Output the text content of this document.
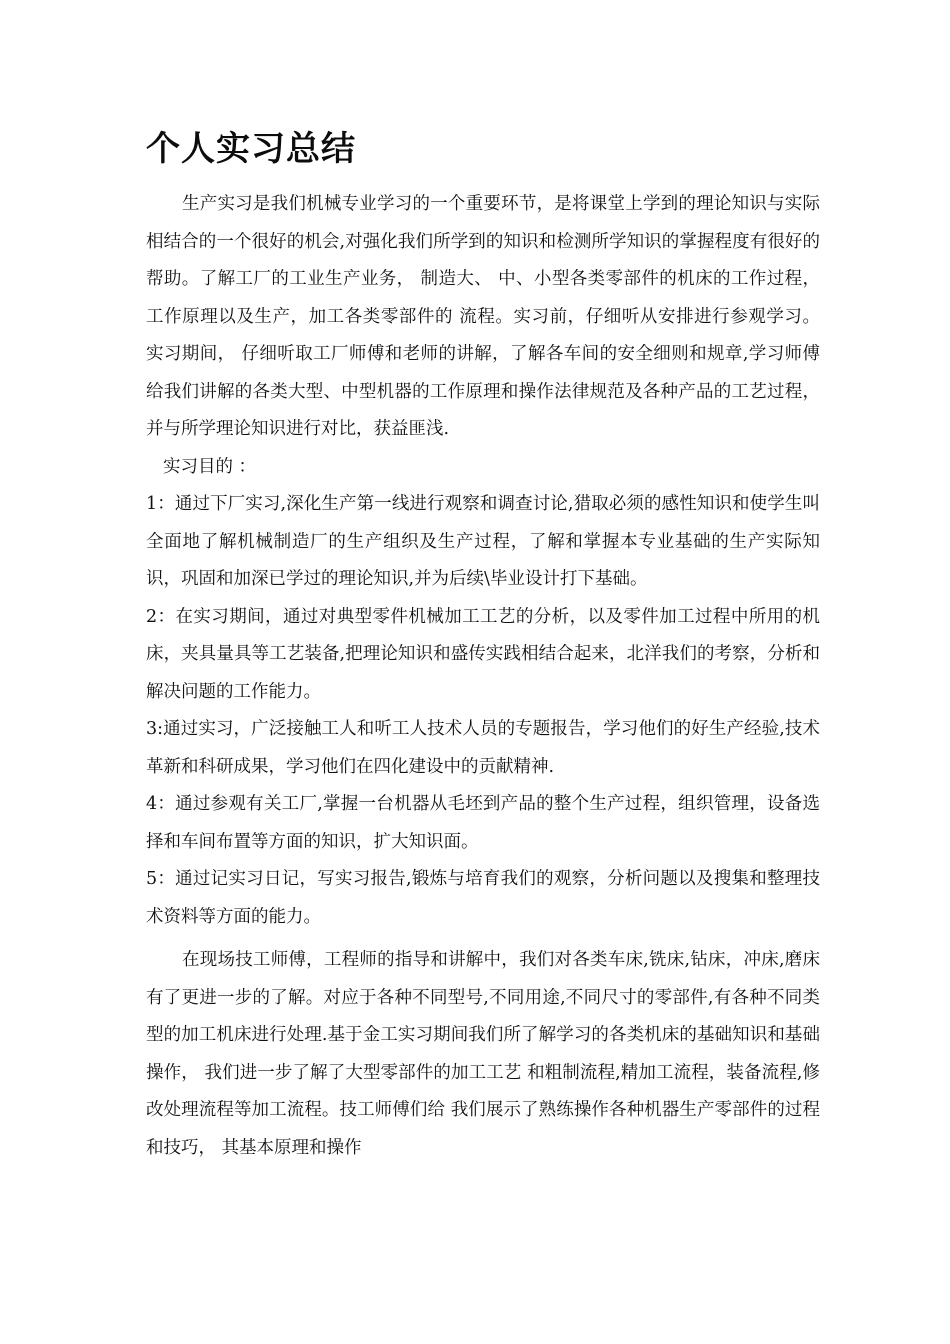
个人实习总结

生产实习是我们机械专业学习的一个重要环节，是将课堂上学到的理论知识与实际相结合的一个很好的机会,对强化我们所学到的知识和检测所学知识的掌握程度有很好的帮助。了解工厂的工业生产业务， 制造大、 中、小型各类零部件的机床的工作过程，工作原理以及生产，加工各类零部件的 流程。实习前，仔细听从安排进行参观学习。 实习期间， 仔细听取工厂师傅和老师的讲解，了解各车间的安全细则和规章,学习师傅给我们讲解的各类大型、中型机器的工作原理和操作法律规范及各种产品的工艺过程， 并与所学理论知识进行对比，获益匪浅.

实习目的 ：

1：通过下厂实习,深化生产第一线进行观察和调查讨论,猎取必须的感性知识和使学生叫全面地了解机械制造厂的生产组织及生产过程，了解和掌握本专业基础的生产实际知识，巩固和加深已学过的理论知识,并为后续\毕业设计打下基础。

2：在实习期间，通过对典型零件机械加工工艺的分析，以及零件加工过程中所用的机床，夹具量具等工艺装备,把理论知识和盛传实践相结合起来，北洋我们的考察，分析和解决问题的工作能力。

3:通过实习，广泛接触工人和听工人技术人员的专题报告，学习他们的好生产经验,技术革新和科研成果，学习他们在四化建设中的贡献精神.

4：通过参观有关工厂,掌握一台机器从毛坯到产品的整个生产过程，组织管理，设备选择和车间布置等方面的知识，扩大知识面。

5：通过记实习日记，写实习报告,锻炼与培育我们的观察，分析问题以及搜集和整理技术资料等方面的能力。

在现场技工师傅，工程师的指导和讲解中，我们对各类车床,铣床,钻床，冲床,磨床有了更进一步的了解。对应于各种不同型号,不同用途,不同尺寸的零部件,有各种不同类型的加工机床进行处理.基于金工实习期间我们所了解学习的各类机床的基础知识和基础操作， 我们进一步了解了大型零部件的加工工艺 和粗制流程,精加工流程，装备流程,修改处理流程等加工流程。技工师傅们给 我们展示了熟练操作各种机器生产零部件的过程和技巧， 其基本原理和操作
